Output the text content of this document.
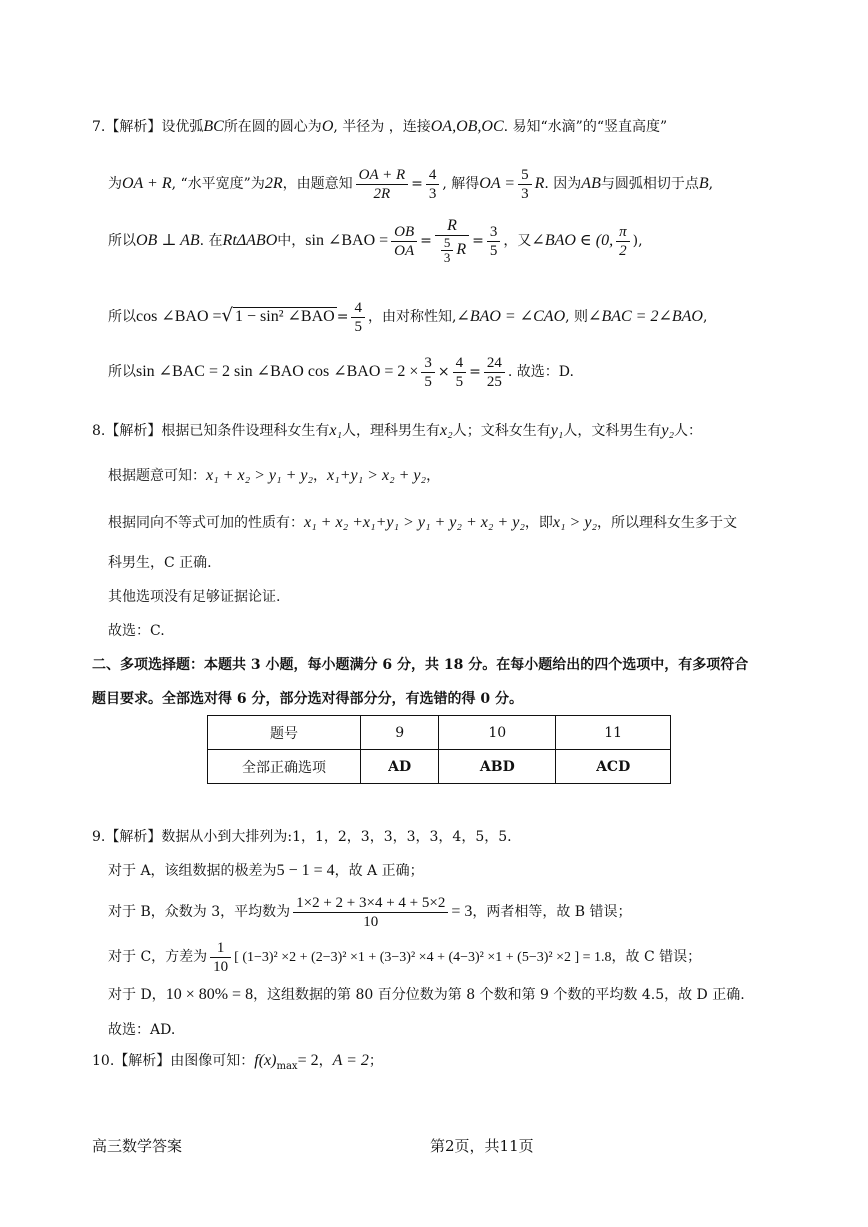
7.【解析】设优弧BC所在圆的圆心为O, 半径为 ，连接OA,OB,OC. 易知“水滴”的“竖直高度”
为OA + R, “水平宽度”为2R，由题意知 $\frac{OA + R}{2R} = \frac{4}{3}$ , 解得OA = $\frac{5}{3} R$. 因为AB与圆弧相切于点B,
所以OB ⊥ AB. 在RtΔABO中，sin ∠BAO = $\frac{OB}{OA} = \frac{R}{\frac{5}{3} R} = \frac{3}{5}$ ，又∠BAO ∈ (0, $\frac{\pi}{2}$ ),
所以cos ∠BAO =√ 1 − sin² ∠BAO = $\frac{4}{5}$ ，由对称性知,∠BAO = ∠CAO, 则∠BAC = 2∠BAO,
所以sin ∠BAC = 2 sin ∠BAO cos ∠BAO = $2 \times \frac{3}{5} \times \frac{4}{5} = \frac{24}{25}$ . 故选：D.
8.【解析】根据已知条件设理科女生有x₁人，理科男生有x₂人；文科女生有y₁人，文科男生有y₂人：
根据题意可知：x₁ + x₂ > y₁ + y₂，x₁+y₁ > x₂ + y₂，
根据同向不等式可加的性质有：x₁ + x₂ +x₁+y₁ > y₁ + y₂ + x₂ + y₂，即x₁ > y₂，所以理科女生多于文
科男生，C 正确.
其他选项没有足够证据论证.
故选：C.
二、多项选择题：本题共 3 小题，每小题满分 6 分，共 18 分。在每小题给出的四个选项中，有多项符合
题目要求。全部选对得 6 分，部分选对得部分分，有选错的得 0 分。
题号	9	10	11
全部正确选项	AD	ABD	ACD
9.【解析】数据从小到大排列为:1，1，2，3，3，3，3，4，5，5.
对于 A，该组数据的极差为5 − 1 = 4，故 A 正确；
对于 B，众数为 3，平均数为 $\frac{1\times 2 + 2 + 3\times 4 + 4 + 5\times 2}{10} = 3$，两者相等，故 B 错误；
对于 C，方差为 $\frac{1}{10}$ [ (1−3)² ×2 + (2−3)² ×1 + (3−3)² ×4 + (4−3)² ×1 + (5−3)² ×2 ] = 1.8，故 C 错误；
对于 D，10 × 80% = 8，这组数据的第 80 百分位数为第 8 个数和第 9 个数的平均数 4.5，故 D 正确.
故选：AD.
10.【解析】由图像可知：$f(x)_{max}= 2$，A = 2；
高三数学答案	第2页，共11页
